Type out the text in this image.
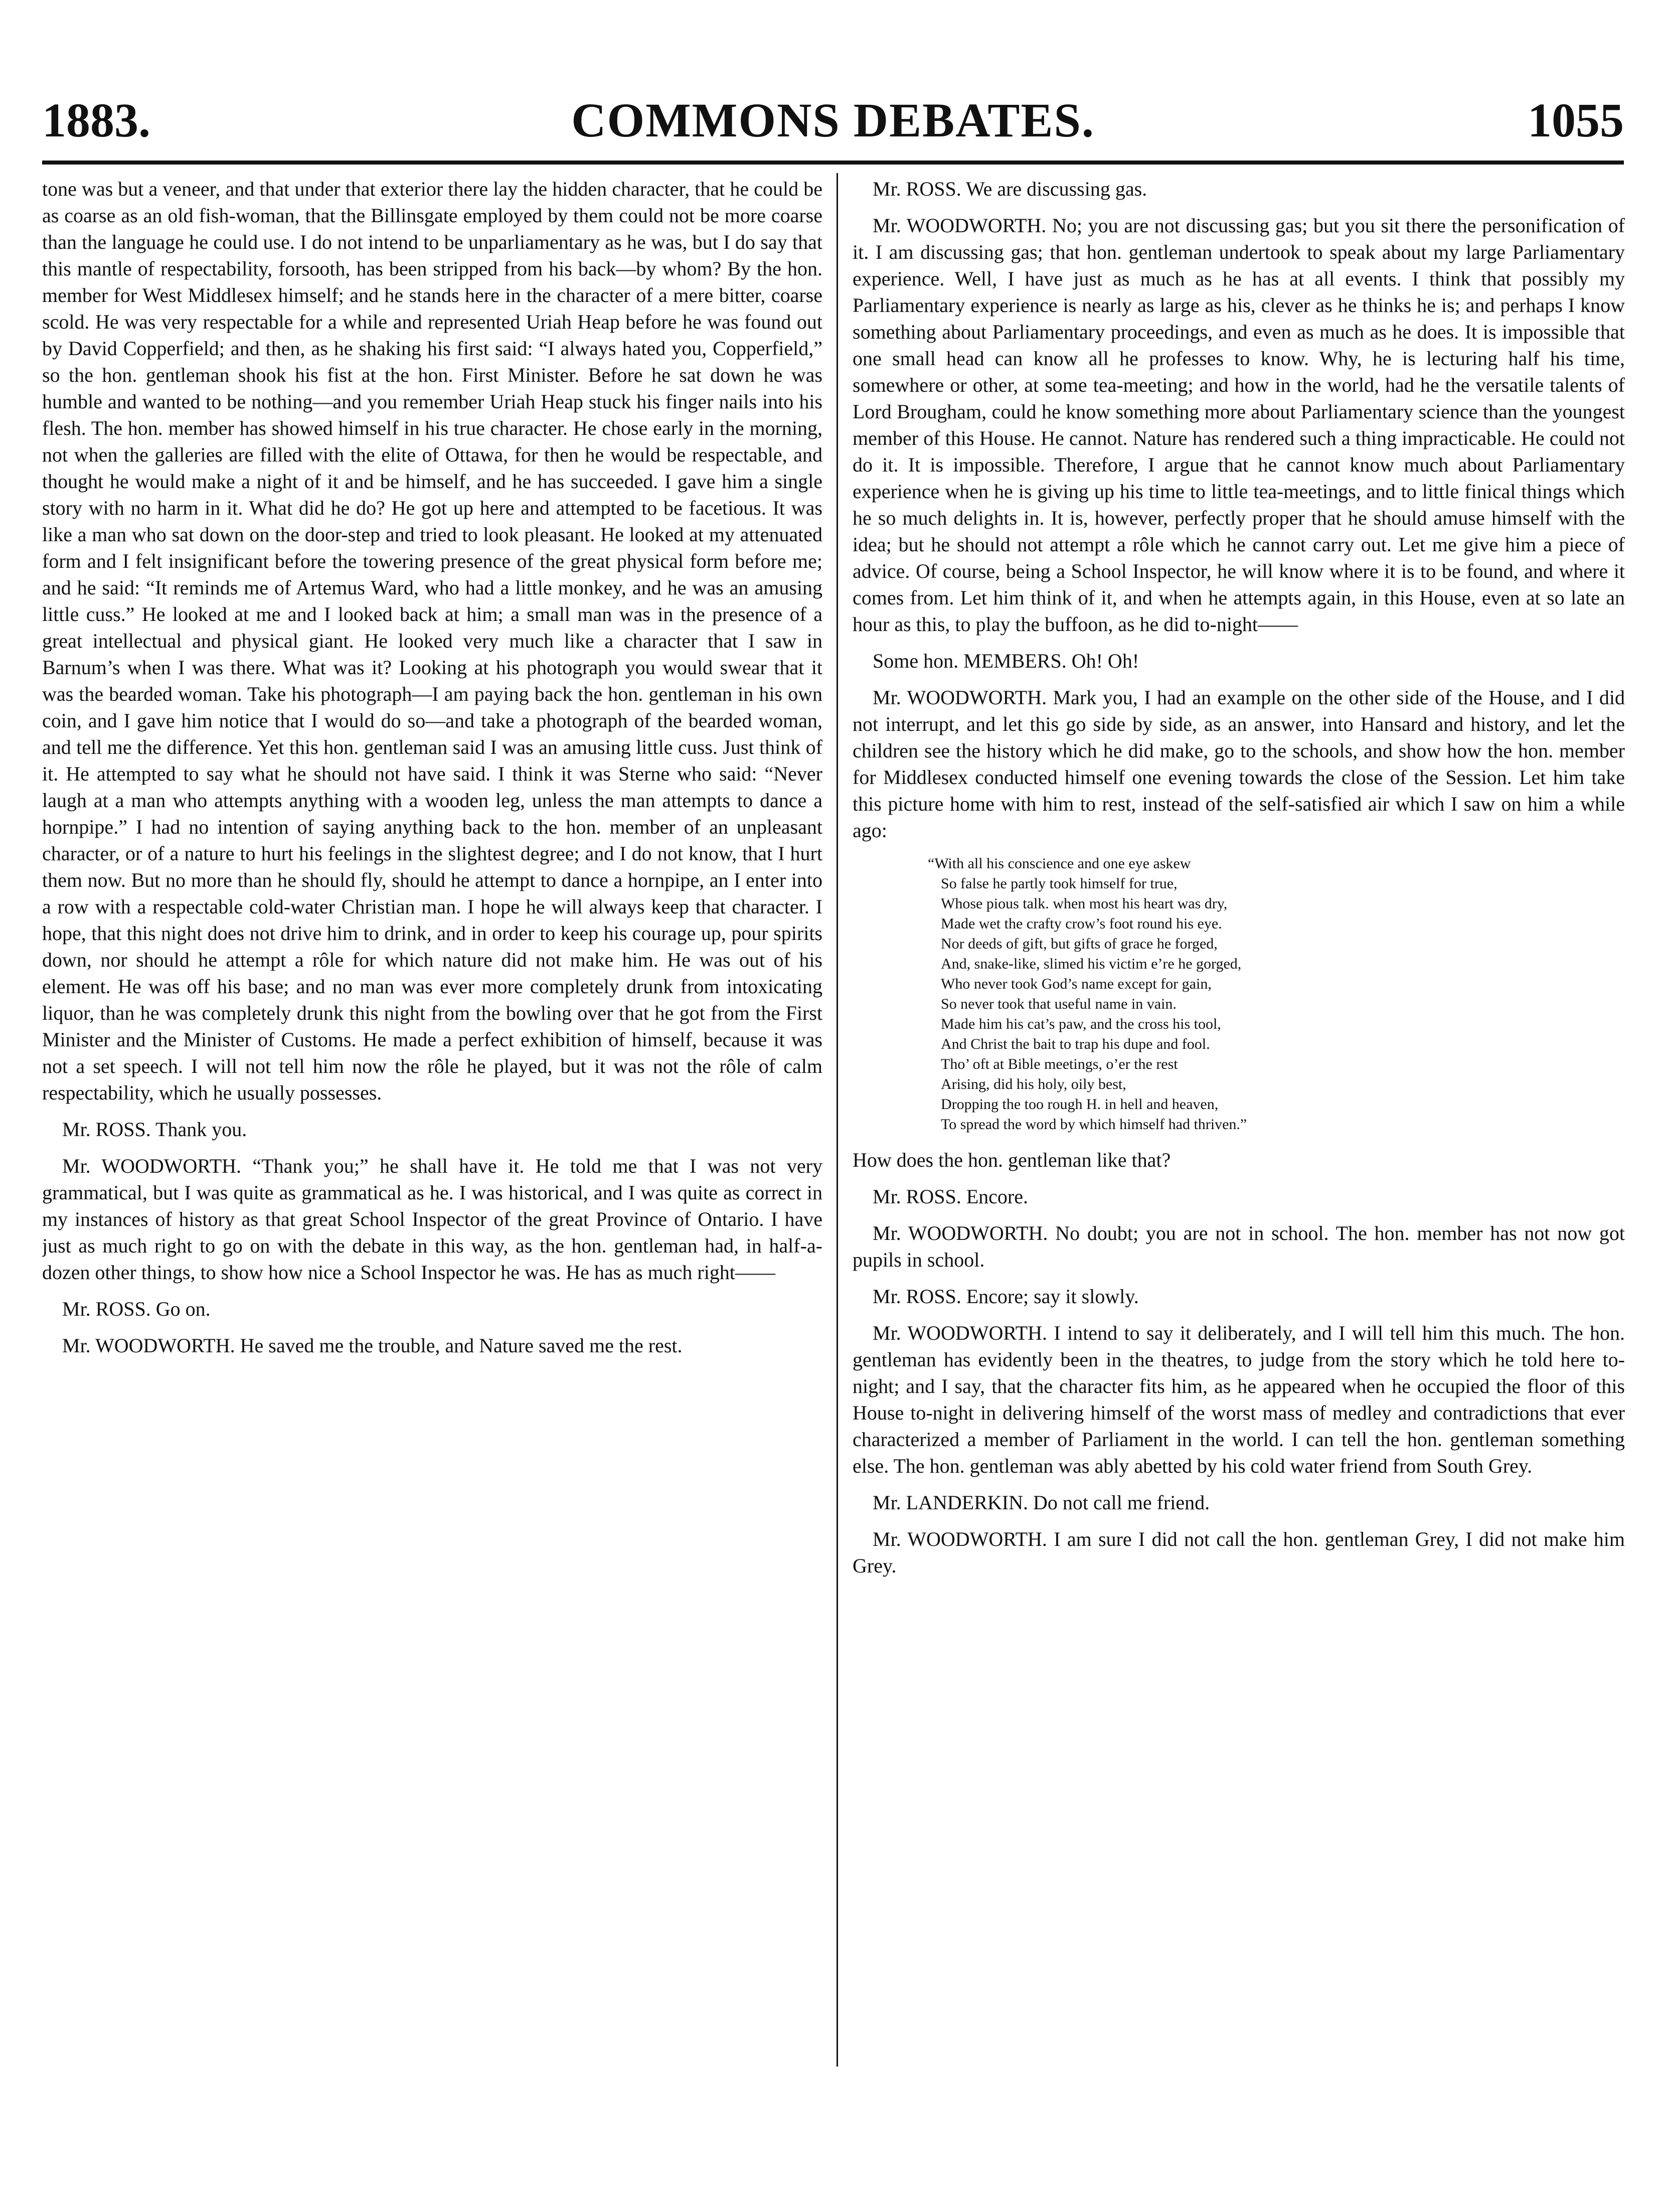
1883.	COMMONS DEBATES.	1055

tone was but a veneer, and that under that exterior there lay the hidden character, that he could be as coarse as an old fish-woman, that the Billinsgate employed by them could not be more coarse than the language he could use. I do not intend to be unparliamentary as he was, but I do say that this mantle of respectability, forsooth, has been stripped from his back—by whom? By the hon. member for West Middlesex himself; and he stands here in the character of a mere bitter, coarse scold. He was very respectable for a while and represented Uriah Heap before he was found out by David Copperfield; and then, as he shaking his first said: “I always hated you, Copperfield,” so the hon. gentleman shook his fist at the hon. First Minister. Before he sat down he was humble and wanted to be nothing—and you remember Uriah Heap stuck his finger nails into his flesh. The hon. member has showed himself in his true character. He chose early in the morning, not when the galleries are filled with the elite of Ottawa, for then he would be respectable, and thought he would make a night of it and be himself, and he has succeeded. I gave him a single story with no harm in it. What did he do? He got up here and attempted to be facetious. It was like a man who sat down on the door-step and tried to look pleasant. He looked at my attenuated form and I felt insignificant before the towering presence of the great physical form before me; and he said: “It reminds me of Artemus Ward, who had a little monkey, and he was an amusing little cuss.” He looked at me and I looked back at him; a small man was in the presence of a great intellectual and physical giant. He looked very much like a character that I saw in Barnum’s when I was there. What was it? Looking at his photograph you would swear that it was the bearded woman. Take his photograph—I am paying back the hon. gentleman in his own coin, and I gave him notice that I would do so—and take a photograph of the bearded woman, and tell me the difference. Yet this hon. gentleman said I was an amusing little cuss. Just think of it. He attempted to say what he should not have said. I think it was Sterne who said: “Never laugh at a man who attempts anything with a wooden leg, unless the man attempts to dance a hornpipe.” I had no intention of saying anything back to the hon. member of an unpleasant character, or of a nature to hurt his feelings in the slightest degree; and I do not know, that I hurt them now. But no more than he should fly, should he attempt to dance a hornpipe, an I enter into a row with a respectable cold-water Christian man. I hope he will always keep that character. I hope, that this night does not drive him to drink, and in order to keep his courage up, pour spirits down, nor should he attempt a rôle for which nature did not make him. He was out of his element. He was off his base; and no man was ever more completely drunk from intoxicating liquor, than he was completely drunk this night from the bowling over that he got from the First Minister and the Minister of Customs. He made a perfect exhibition of himself, because it was not a set speech. I will not tell him now the rôle he played, but it was not the rôle of calm respectability, which he usually possesses.

Mr. ROSS. Thank you.

Mr. WOODWORTH. “Thank you;” he shall have it. He told me that I was not very grammatical, but I was quite as grammatical as he. I was historical, and I was quite as correct in my instances of history as that great School Inspector of the great Province of Ontario. I have just as much right to go on with the debate in this way, as the hon. gentleman had, in half-a-dozen other things, to show how nice a School Inspector he was. He has as much right——

Mr. ROSS. Go on.

Mr. WOODWORTH. He saved me the trouble, and Nature saved me the rest.

Mr. ROSS. We are discussing gas.

Mr. WOODWORTH. No; you are not discussing gas; but you sit there the personification of it. I am discussing gas; that hon. gentleman undertook to speak about my large Parliamentary experience. Well, I have just as much as he has at all events. I think that possibly my Parliamentary experience is nearly as large as his, clever as he thinks he is; and perhaps I know something about Parliamentary proceedings, and even as much as he does. It is impossible that one small head can know all he professes to know. Why, he is lecturing half his time, somewhere or other, at some tea-meeting; and how in the world, had he the versatile talents of Lord Brougham, could he know something more about Parliamentary science than the youngest member of this House. He cannot. Nature has rendered such a thing impracticable. He could not do it. It is impossible. Therefore, I argue that he cannot know much about Parliamentary experience when he is giving up his time to little tea-meetings, and to little finical things which he so much delights in. It is, however, perfectly proper that he should amuse himself with the idea; but he should not attempt a rôle which he cannot carry out. Let me give him a piece of advice. Of course, being a School Inspector, he will know where it is to be found, and where it comes from. Let him think of it, and when he attempts again, in this House, even at so late an hour as this, to play the buffoon, as he did to-night——

Some hon. MEMBERS. Oh! Oh!

Mr. WOODWORTH. Mark you, I had an example on the other side of the House, and I did not interrupt, and let this go side by side, as an answer, into Hansard and history, and let the children see the history which he did make, go to the schools, and show how the hon. member for Middlesex conducted himself one evening towards the close of the Session. Let him take this picture home with him to rest, instead of the self-satisfied air which I saw on him a while ago:

“With all his conscience and one eye askew
So false he partly took himself for true,
Whose pious talk. when most his heart was dry,
Made wet the crafty crow’s foot round his eye.
Nor deeds of gift, but gifts of grace he forged,
And, snake-like, slimed his victim e’re he gorged,
Who never took God’s name except for gain,
So never took that useful name in vain.
Made him his cat’s paw, and the cross his tool,
And Christ the bait to trap his dupe and fool.
Tho’ oft at Bible meetings, o’er the rest
Arising, did his holy, oily best,
Dropping the too rough H. in hell and heaven,
To spread the word by which himself had thriven.”

How does the hon. gentleman like that?

Mr. ROSS. Encore.

Mr. WOODWORTH. No doubt; you are not in school. The hon. member has not now got pupils in school.

Mr. ROSS. Encore; say it slowly.

Mr. WOODWORTH. I intend to say it deliberately, and I will tell him this much. The hon. gentleman has evidently been in the theatres, to judge from the story which he told here to-night; and I say, that the character fits him, as he appeared when he occupied the floor of this House to-night in delivering himself of the worst mass of medley and contradictions that ever characterized a member of Parliament in the world. I can tell the hon. gentleman something else. The hon. gentleman was ably abetted by his cold water friend from South Grey.

Mr. LANDERKIN. Do not call me friend.

Mr. WOODWORTH. I am sure I did not call the hon. gentleman Grey, I did not make him Grey.
